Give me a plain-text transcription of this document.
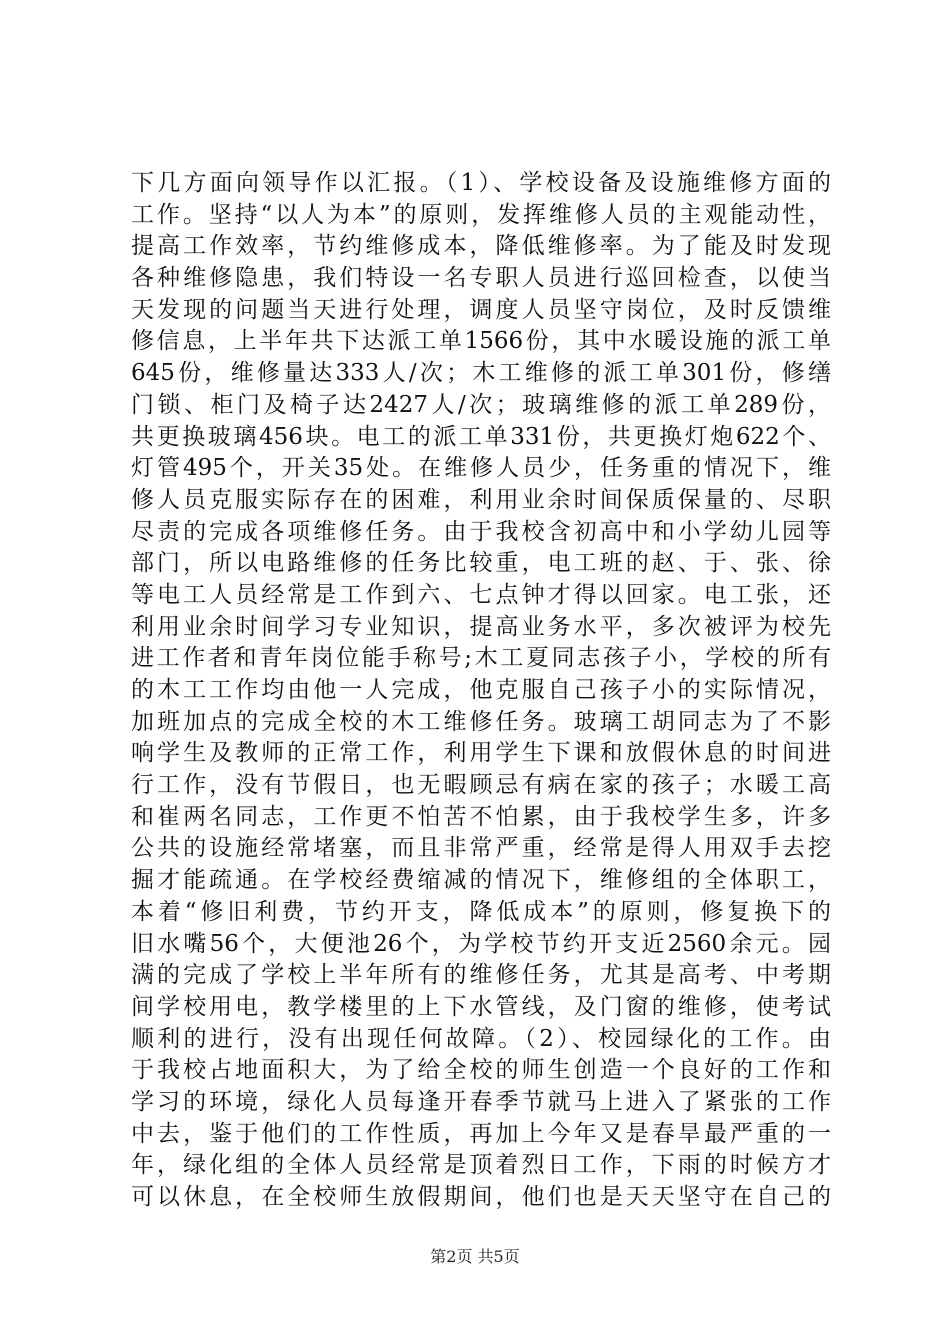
下几方面向领导作以汇报。（1）、学校设备及设施维修方面的
工作。坚持“以人为本”的原则，发挥维修人员的主观能动性，
提高工作效率，节约维修成本，降低维修率。为了能及时发现
各种维修隐患，我们特设一名专职人员进行巡回检查，以使当
天发现的问题当天进行处理，调度人员坚守岗位，及时反馈维
修信息，上半年共下达派工单1566份，其中水暖设施的派工单
645份，维修量达333人/次；木工维修的派工单301份，修缮
门锁、柜门及椅子达2427人/次；玻璃维修的派工单289份，
共更换玻璃456块。电工的派工单331份，共更换灯炮622个、
灯管495个，开关35处。在维修人员少，任务重的情况下，维
修人员克服实际存在的困难，利用业余时间保质保量的、尽职
尽责的完成各项维修任务。由于我校含初高中和小学幼儿园等
部门，所以电路维修的任务比较重，电工班的赵、于、张、徐
等电工人员经常是工作到六、七点钟才得以回家。电工张，还
利用业余时间学习专业知识，提高业务水平，多次被评为校先
进工作者和青年岗位能手称号;木工夏同志孩子小，学校的所有
的木工工作均由他一人完成，他克服自己孩子小的实际情况，
加班加点的完成全校的木工维修任务。玻璃工胡同志为了不影
响学生及教师的正常工作，利用学生下课和放假休息的时间进
行工作，没有节假日，也无暇顾忌有病在家的孩子；水暖工高
和崔两名同志，工作更不怕苦不怕累，由于我校学生多，许多
公共的设施经常堵塞，而且非常严重，经常是得人用双手去挖
掘才能疏通。在学校经费缩减的情况下，维修组的全体职工，
本着“修旧利费，节约开支，降低成本”的原则，修复换下的
旧水嘴56个，大便池26个，为学校节约开支近2560余元。园
满的完成了学校上半年所有的维修任务，尤其是高考、中考期
间学校用电，教学楼里的上下水管线，及门窗的维修，使考试
顺利的进行，没有出现任何故障。（2）、校园绿化的工作。由
于我校占地面积大，为了给全校的师生创造一个良好的工作和
学习的环境，绿化人员每逢开春季节就马上进入了紧张的工作
中去，鉴于他们的工作性质，再加上今年又是春旱最严重的一
年，绿化组的全体人员经常是顶着烈日工作，下雨的时候方才
可以休息，在全校师生放假期间，他们也是天天坚守在自己的
第2页 共5页
